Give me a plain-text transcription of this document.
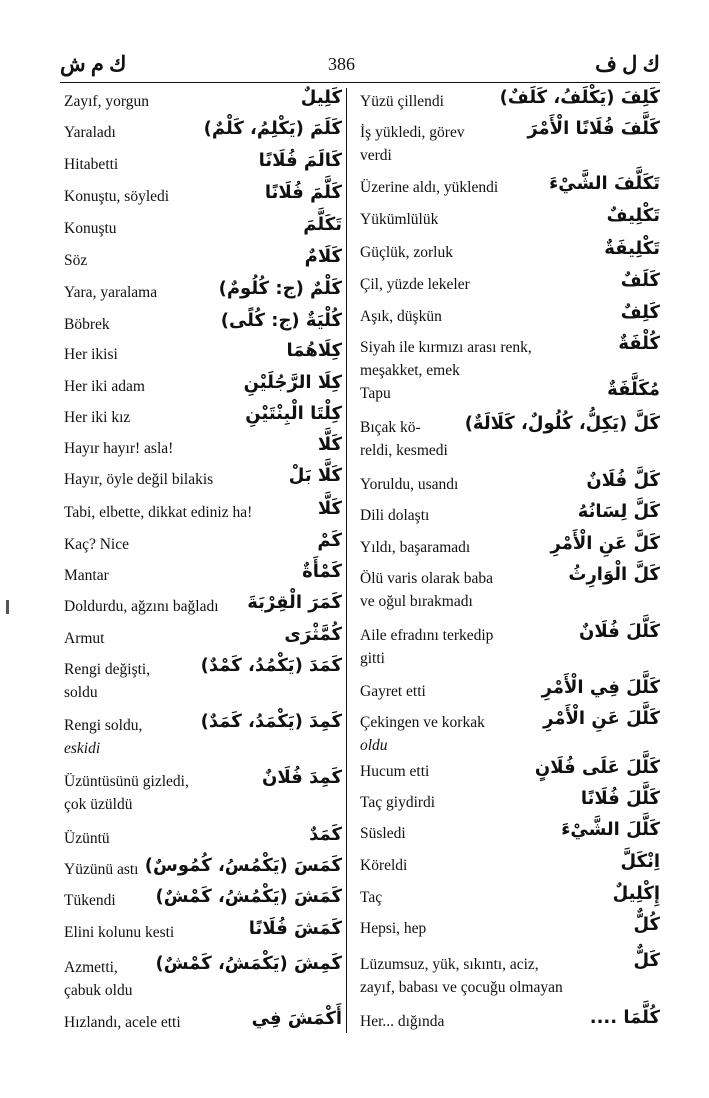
ك م ش	386	ك ل ف
Zayıf, yorgun	كَلِيلٌ
Yaraladı	كَلَمَ (يَكْلِمُ، كَلْمٌ)
Hitabetti	كَالَمَ فُلَانًا
Konuştu, söyledi	كَلَّمَ فُلَانًا
Konuştu	تَكَلَّمَ
Söz	كَلَامٌ
Yara, yaralama	كَلْمٌ (ج: كُلُومٌ)
Böbrek	كُلْيَةٌ (ج: كُلًى)
Her ikisi	كِلَاهُمَا
Her iki adam	كِلَا الرَّجُلَيْنِ
Her iki kız	كِلْتَا الْبِنْتَيْنِ
Hayır hayır! asla!	كَلَّا
Hayır, öyle değil bilakis	كَلَّا بَلْ
Tabi, elbette, dikkat ediniz ha!	كَلَّا
Kaç? Nice	كَمْ
Mantar	كَمْأَةٌ
Doldurdu, ağzını bağladı كَمَرَ الْقِرْبَةَ
Armut	كُمَّثْرَى
Rengi değişti,	كَمَدَ (يَكْمُدُ، كَمْدٌ)
soldu
Rengi soldu,	كَمِدَ (يَكْمَدُ، كَمَدٌ)
eskidi
Üzüntüsünü gizledi,	كَمِدَ فُلَانٌ
çok üzüldü
Üzüntü	كَمَدٌ
Yüzünü astı كَمَسَ (يَكْمُسُ، كُمُوسٌ)
Tükendi كَمَشَ (يَكْمُشُ، كَمْشٌ)
Elini kolunu kesti	كَمَشَ فُلَانًا
Azmetti, كَمِشَ (يَكْمَشُ، كَمْشٌ)
çabuk oldu
Hızlandı, acele etti	أَكْمَشَ فِي
Yüzü çillendi	كَلِفَ (يَكْلَفُ، كَلَفٌ)
İş yükledi, görev	كَلَّفَ فُلَانًا الْأَمْرَ
verdi
Üzerine aldı, yüklendi	تَكَلَّفَ الشَّيْءَ
Yükümlülük	تَكْلِيفٌ
Güçlük, zorluk	تَكْلِيفَةٌ
Çil, yüzde lekeler	كَلَفٌ
Aşık, düşkün	كَلِفٌ
Siyah ile kırmızı arası renk,	كُلْفَةٌ
meşakket, emek
Tapu	مُكَلَّفَةٌ
Bıçak kö- كَلَّ (يَكِلُّ، كُلُولٌ، كَلَالَةٌ)
reldi, kesmedi
Yoruldu, usandı	كَلَّ فُلَانٌ
Dili dolaştı	كَلَّ لِسَانُهُ
Yıldı, başaramadı	كَلَّ عَنِ الْأَمْرِ
Ölü varis olarak baba	كَلَّ الْوَارِثُ
ve oğul bırakmadı
Aile efradını terkedip	كَلَّلَ فُلَانٌ
gitti
Gayret etti	كَلَّلَ فِي الْأَمْرِ
Çekingen ve korkak	كَلَّلَ عَنِ الْأَمْرِ
oldu
Hucum etti	كَلَّلَ عَلَى فُلَانٍ
Taç giydirdi	كَلَّلَ فُلَانًا
Süsledi	كَلَّلَ الشَّيْءَ
Köreldi	اِنْكَلَّ
Taç	إِكْلِيلٌ
Hepsi, hep	كُلٌّ
Lüzumsuz, yük, sıkıntı, aciz,	كَلٌّ
zayıf, babası ve çocuğu olmayan
Her... dığında	كُلَّمَا ....
